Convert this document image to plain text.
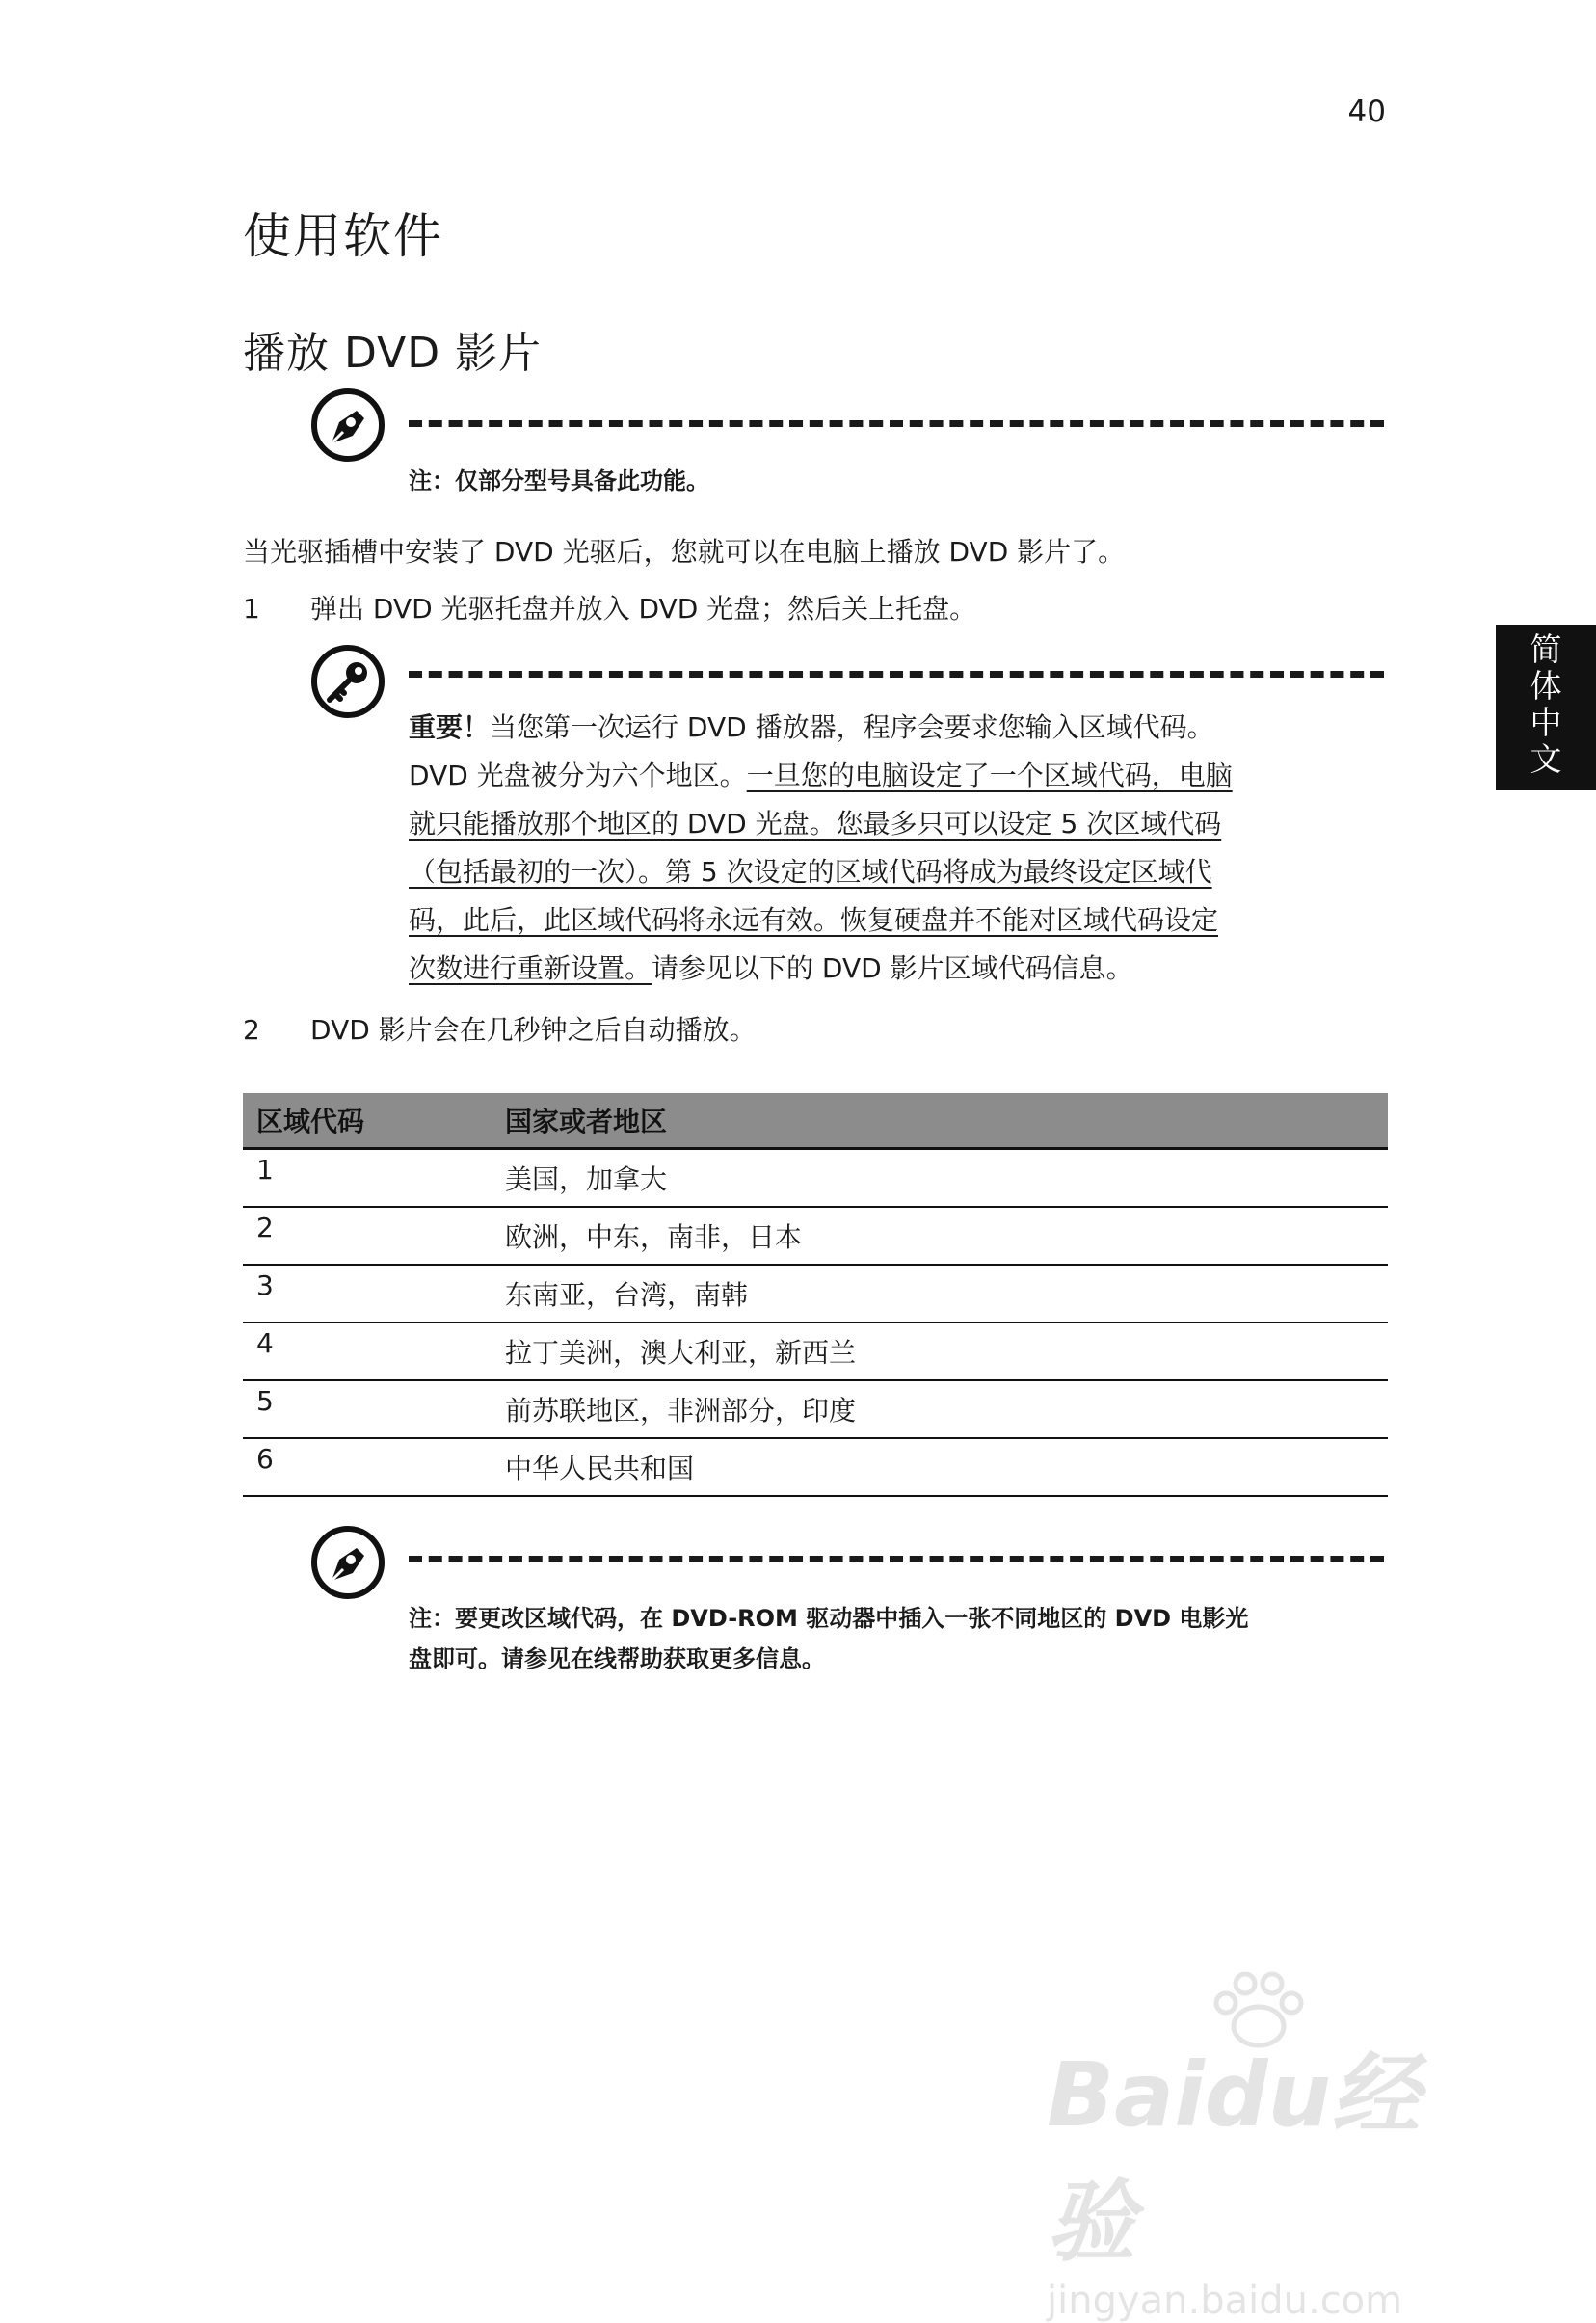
40
简
体
中
文
使用软件
播放 DVD 影片
注：仅部分型号具备此功能。
当光驱插槽中安装了 DVD 光驱后，您就可以在电脑上播放 DVD 影片了。
1 弹出 DVD 光驱托盘并放入 DVD 光盘；然后关上托盘。
重要！当您第一次运行 DVD 播放器，程序会要求您输入区域代码。
DVD 光盘被分为六个地区。一旦您的电脑设定了一个区域代码，电脑
就只能播放那个地区的 DVD 光盘。您最多只可以设定 5 次区域代码
（包括最初的一次）。第 5 次设定的区域代码将成为最终设定区域代
码，此后，此区域代码将永远有效。恢复硬盘并不能对区域代码设定
次数进行重新设置。请参见以下的 DVD 影片区域代码信息。
2 DVD 影片会在几秒钟之后自动播放。
区域代码	国家或者地区
1	美国，加拿大
2	欧洲，中东，南非，日本
3	东南亚，台湾，南韩
4	拉丁美洲，澳大利亚，新西兰
5	前苏联地区，非洲部分，印度
6	中华人民共和国
注：要更改区域代码，在 DVD-ROM 驱动器中插入一张不同地区的 DVD 电影光
盘即可。请参见在线帮助获取更多信息。
Baidu经验
jingyan.baidu.com
